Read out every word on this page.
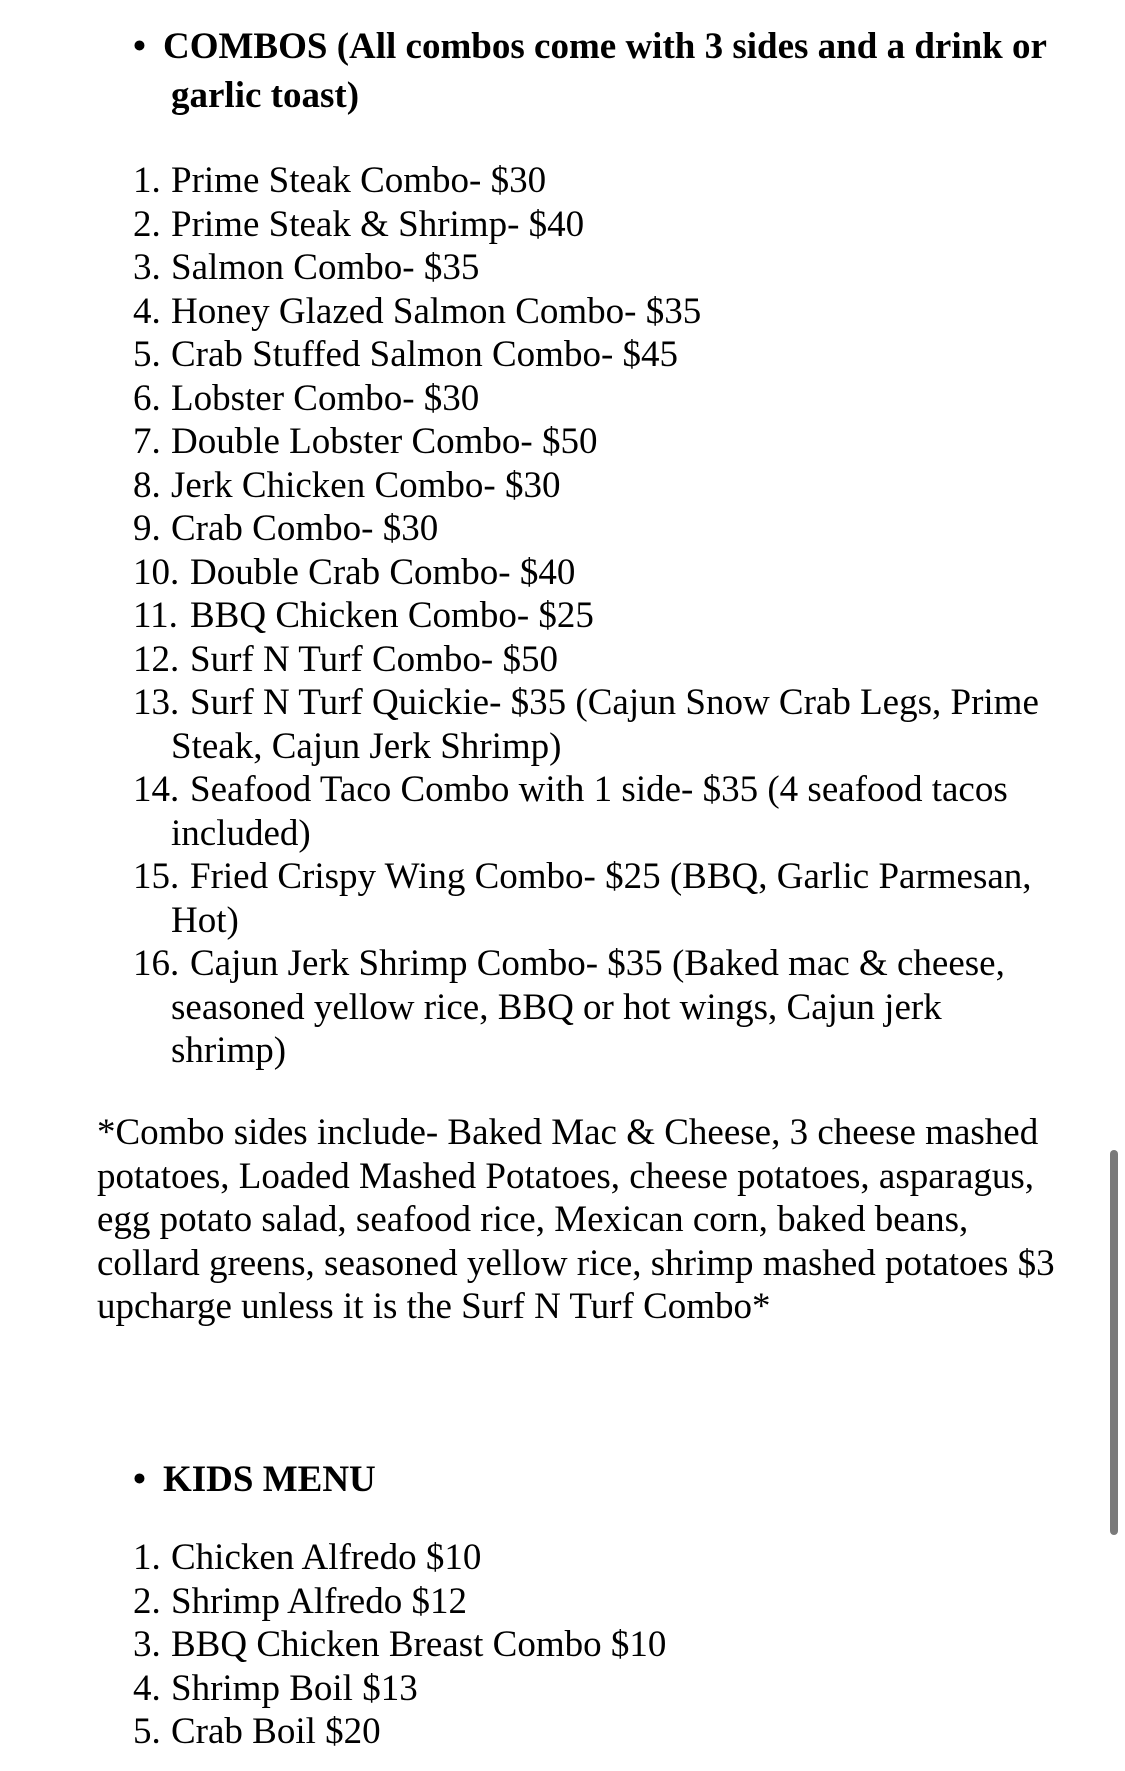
• COMBOS (All combos come with 3 sides and a drink or garlic toast)
1. Prime Steak Combo- $30
2. Prime Steak & Shrimp- $40
3. Salmon Combo- $35
4. Honey Glazed Salmon Combo- $35
5. Crab Stuffed Salmon Combo- $45
6. Lobster Combo- $30
7. Double Lobster Combo- $50
8. Jerk Chicken Combo- $30
9. Crab Combo- $30
10. Double Crab Combo- $40
11. BBQ Chicken Combo- $25
12. Surf N Turf Combo- $50
13. Surf N Turf Quickie- $35 (Cajun Snow Crab Legs, Prime Steak, Cajun Jerk Shrimp)
14. Seafood Taco Combo with 1 side- $35 (4 seafood tacos included)
15. Fried Crispy Wing Combo- $25 (BBQ, Garlic Parmesan, Hot)
16. Cajun Jerk Shrimp Combo- $35 (Baked mac & cheese, seasoned yellow rice, BBQ or hot wings, Cajun jerk shrimp)

*Combo sides include- Baked Mac & Cheese, 3 cheese mashed potatoes, Loaded Mashed Potatoes, cheese potatoes, asparagus, egg potato salad, seafood rice, Mexican corn, baked beans, collard greens, seasoned yellow rice, shrimp mashed potatoes $3 upcharge unless it is the Surf N Turf Combo*

• KIDS MENU
1. Chicken Alfredo $10
2. Shrimp Alfredo $12
3. BBQ Chicken Breast Combo $10
4. Shrimp Boil $13
5. Crab Boil $20
